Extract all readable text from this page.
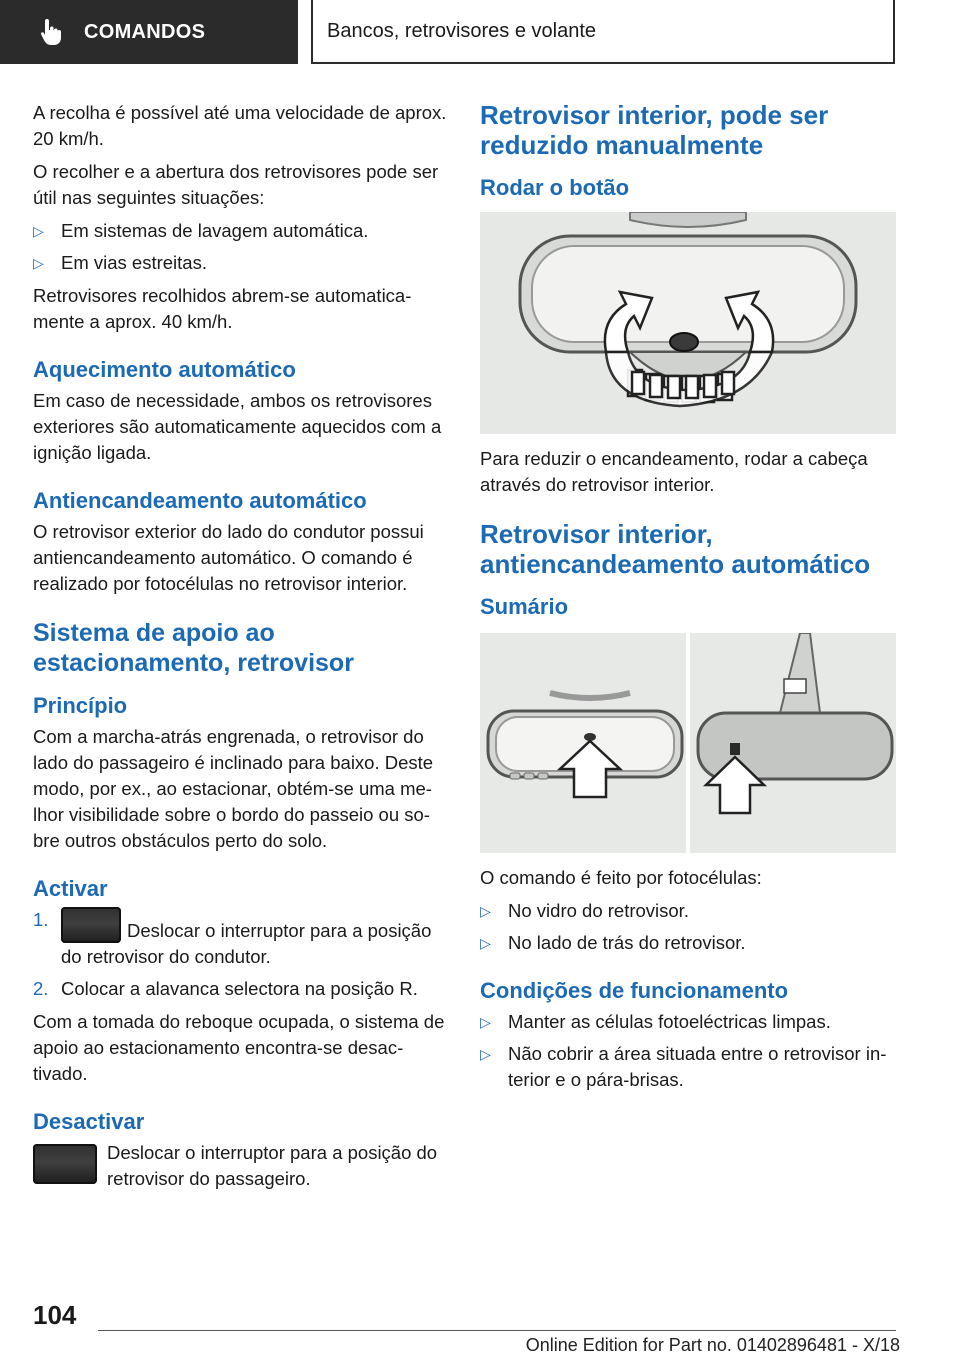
COMANDOS	Bancos, retrovisores e volante

A recolha é possível até uma velocidade de aprox. 20 km/h.

O recolher e a abertura dos retrovisores pode ser útil nas seguintes situações:

▷ Em sistemas de lavagem automática.
▷ Em vias estreitas.

Retrovisores recolhidos abrem-se automatica-mente a aprox. 40 km/h.

Aquecimento automático

Em caso de necessidade, ambos os retrovisores exteriores são automaticamente aquecidos com a ignição ligada.

Antiencandeamento automático

O retrovisor exterior do lado do condutor possui antiencandeamento automático. O comando é realizado por fotocélulas no retrovisor interior.

Sistema de apoio ao estacionamento, retrovisor
Princípio

Com a marcha-atrás engrenada, o retrovisor do lado do passageiro é inclinado para baixo. Deste modo, por ex., ao estacionar, obtém-se uma me-lhor visibilidade sobre o bordo do passeio ou so-bre outros obstáculos perto do solo.

Activar
1.
Deslocar o interruptor para a posição do retrovisor do condutor.
2. Colocar a alavanca selectora na posição R.

Com a tomada do reboque ocupada, o sistema de apoio ao estacionamento encontra-se desac-tivado.

Desactivar

Deslocar o interruptor para a posição do retrovisor do passageiro.

Retrovisor interior, pode ser reduzido manualmente
Rodar o botão

Para reduzir o encandeamento, rodar a cabeça através do retrovisor interior.

Retrovisor interior, antiencandeamento automático
Sumário

O comando é feito por fotocélulas:

▷ No vidro do retrovisor.
▷ No lado de trás do retrovisor.
Condições de funcionamento
▷ Manter as células fotoeléctricas limpas.
▷ Não cobrir a área situada entre o retrovisor in-terior e o pára-brisas.
104
Online Edition for Part no. 01402896481 - X/18
